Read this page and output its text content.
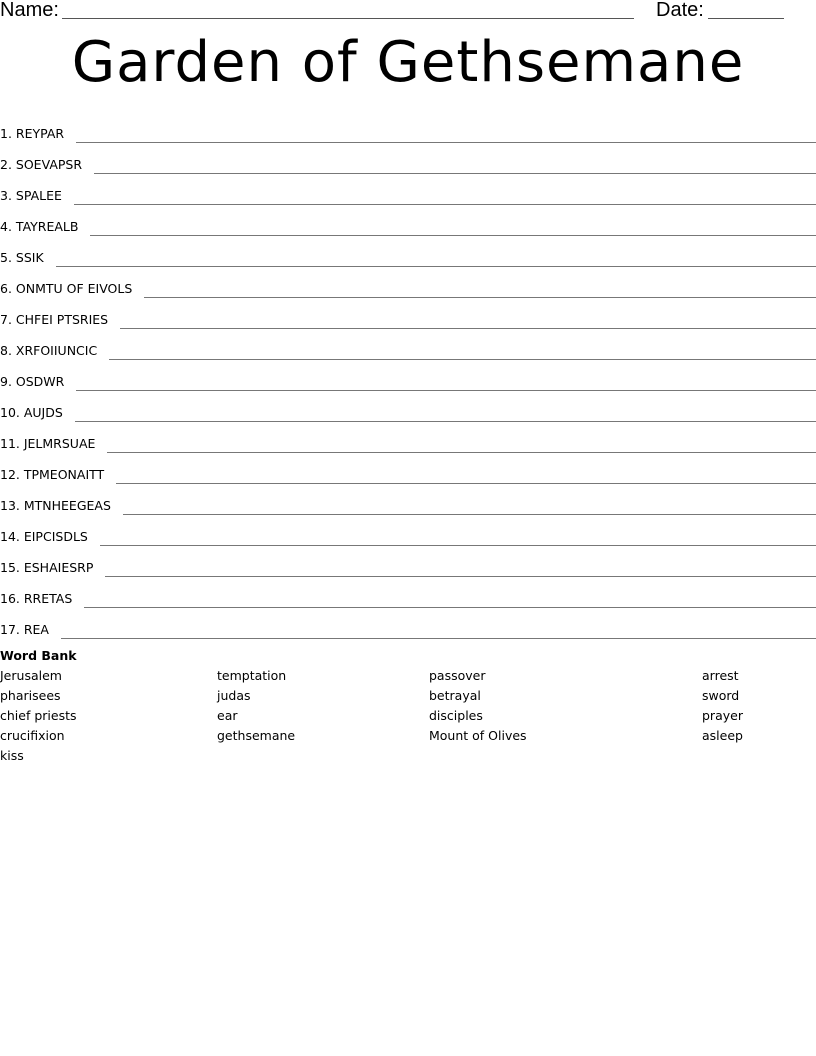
Name:	Date:
Garden of Gethsemane
1. REYPAR
2. SOEVAPSR
3. SPALEE
4. TAYREALB
5. SSIK
6. ONMTU OF EIVOLS
7. CHFEI PTSRIES
8. XRFOIIUNCIC
9. OSDWR
10. AUJDS
11. JELMRSUAE
12. TPMEONAITT
13. MTNHEEGEAS
14. EIPCISDLS
15. ESHAIESRP
16. RRETAS
17. REA
Word Bank
Jerusalem
pharisees
chief priests
crucifixion
kiss
temptation
judas
ear
gethsemane
passover
betrayal
disciples
Mount of Olives
arrest
sword
prayer
asleep
